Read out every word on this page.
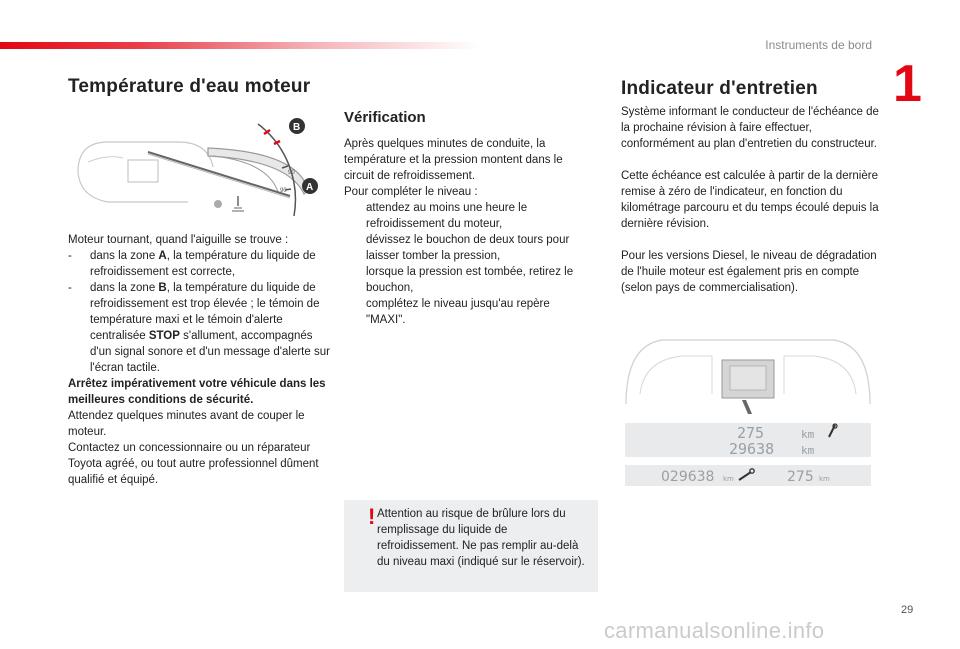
Instruments de bord
1
Température d'eau moteur
90
90
B
A

Moteur tournant, quand l'aiguille se trouve :

- dans la zone A, la température du liquide de refroidissement est correcte,
- dans la zone B, la température du liquide de refroidissement est trop élevée ; le témoin de température maxi et le témoin d'alerte centralisée STOP s'allument, accompagnés d'un signal sonore et d'un message d'alerte sur l'écran tactile.

Arrêtez impérativement votre véhicule dans les meilleures conditions de sécurité.

Attendez quelques minutes avant de couper le moteur.

Contactez un concessionnaire ou un réparateur Toyota agréé, ou tout autre professionnel dûment qualifié et équipé.

Vérification

Après quelques minutes de conduite, la température et la pression montent dans le circuit de refroidissement.

Pour compléter le niveau :

attendez au moins une heure le refroidissement du moteur,
dévissez le bouchon de deux tours pour laisser tomber la pression,
lorsque la pression est tombée, retirez le bouchon,
complétez le niveau jusqu'au repère "MAXI".
! Attention au risque de brûlure lors du remplissage du liquide de refroidissement. Ne pas remplir au-delà du niveau maxi (indiqué sur le réservoir).
Indicateur d'entretien

Système informant le conducteur de l'échéance de la prochaine révision à faire effectuer, conformément au plan d'entretien du constructeur.

Cette échéance est calculée à partir de la dernière remise à zéro de l'indicateur, en fonction du kilométrage parcouru et du temps écoulé depuis la dernière révision.

Pour les versions Diesel, le niveau de dégradation de l'huile moteur est également pris en compte (selon pays de commercialisation).

275	km
29638 km
029638 km	275 km
29
carmanualsonline.info
